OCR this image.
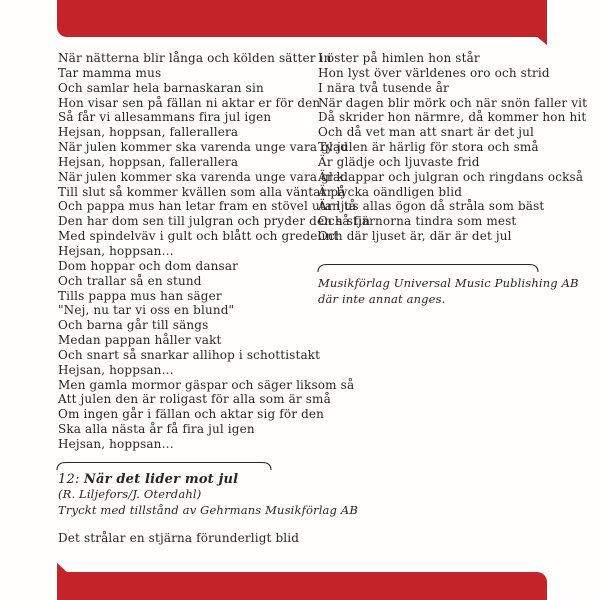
När nätterna blir långa och kölden sätter in
Tar mamma mus
Och samlar hela barnaskaran sin
Hon visar sen på fällan ni aktar er för den
Så får vi allesammans fira jul igen
Hejsan, hoppsan, fallerallera
När julen kommer ska varenda unge vara glad
Hejsan, hoppsan, fallerallera
När julen kommer ska varenda unge vara glad
Till slut så kommer kvällen som alla väntar på
Och pappa mus han letar fram en stövel utan tå
Den har dom sen till julgran och pryder den så fin
Med spindelväv i gult och blått och gredelint
Hejsan, hoppsan…
Dom hoppar och dom dansar
Och trallar så en stund
Tills pappa mus han säger
"Nej, nu tar vi oss en blund"
Och barna går till sängs
Medan pappan håller vakt
Och snart så snarkar allihop i schottistakt
Hejsan, hoppsan…
Men gamla mormor gäspar och säger liksom så
Att julen den är roligast för alla som är små
Om ingen går i fällan och aktar sig för den
Ska alla nästa år få fira jul igen
Hejsan, hoppsan…
I öster på himlen hon står
Hon lyst över världenes oro och strid
I nära två tusende år
När dagen blir mörk och när snön faller vit
Då skrider hon närmre, då kommer hon hit
Och då vet man att snart är det jul
Ty julen är härlig för stora och små
Är glädje och ljuvaste frid
Är klappar och julgran och ringdans också
Är lycka oändligen blid
Är ljus allas ögon då stråla som bäst
Och stjärnorna tindra som mest
Och där ljuset är, där är det jul
Musikförlag Universal Music Publishing AB
där inte annat anges.
12: När det lider mot jul
(R. Liljefors/J. Oterdahl)
Tryckt med tillstånd av Gehrmans Musikförlag AB
Det strålar en stjärna förunderligt blid
